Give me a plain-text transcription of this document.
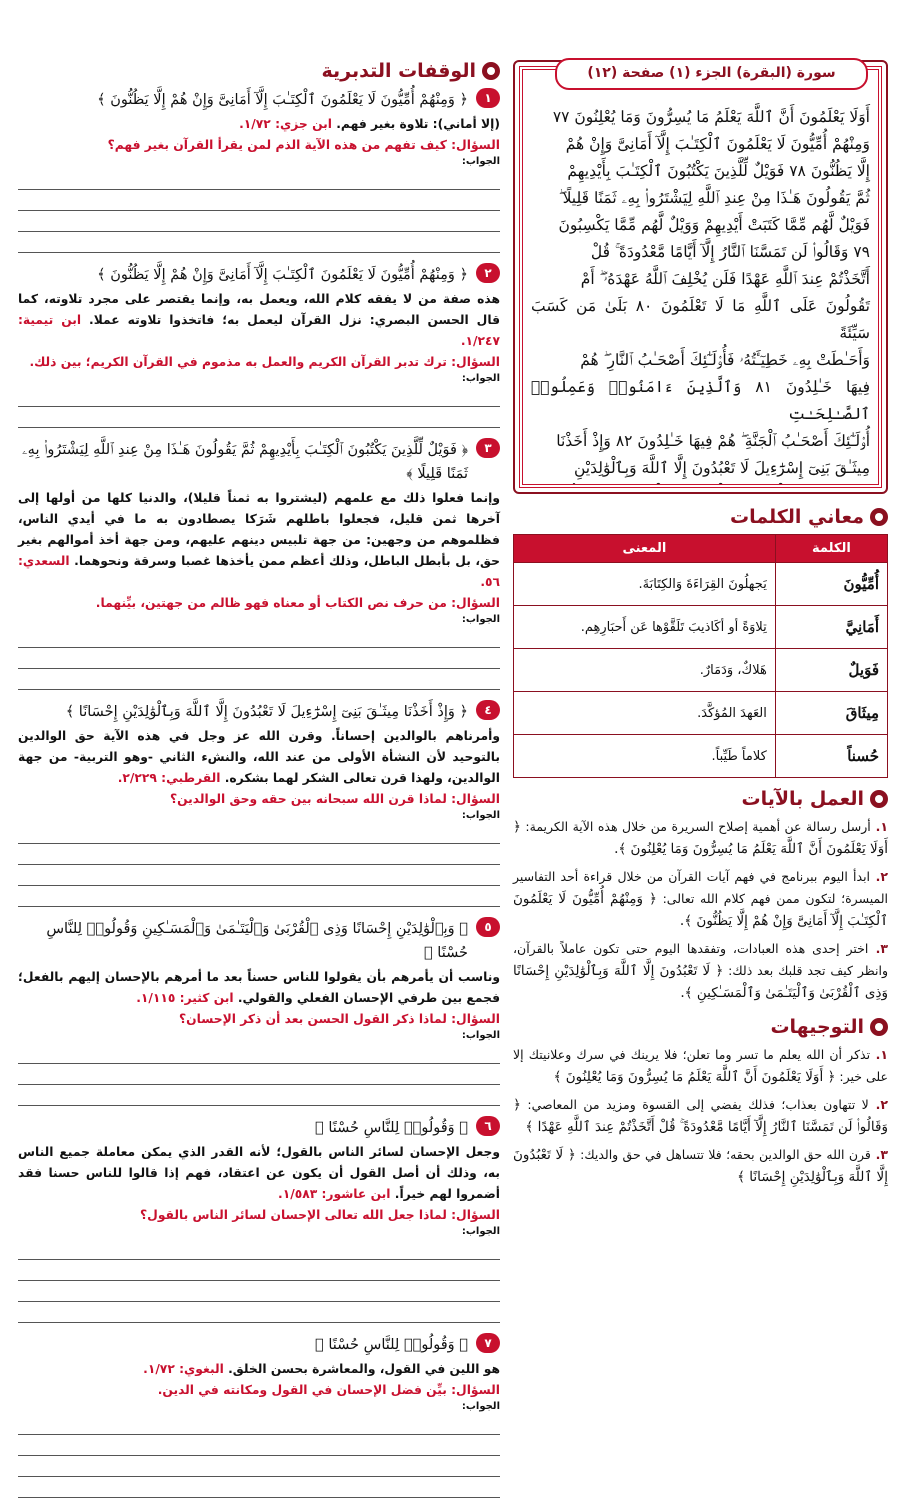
سورة (البقرة) الجزء (١) صفحة (١٢)
أَوَلَا يَعْلَمُونَ أَنَّ ٱللَّهَ يَعْلَمُ مَا يُسِرُّونَ وَمَا يُعْلِنُونَ ٧٧
وَمِنْهُمْ أُمِّيُّونَ لَا يَعْلَمُونَ ٱلْكِتَـٰبَ إِلَّآ أَمَانِىَّ وَإِنْ هُمْ
إِلَّا يَظُنُّونَ ٧٨ فَوَيْلٌ لِّلَّذِينَ يَكْتُبُونَ ٱلْكِتَـٰبَ بِأَيْدِيهِمْ
ثُمَّ يَقُولُونَ هَـٰذَا مِنْ عِندِ ٱللَّهِ لِيَشْتَرُوا۟ بِهِۦ ثَمَنًا قَلِيلًا ۖ
فَوَيْلٌ لَّهُم مِّمَّا كَتَبَتْ أَيْدِيهِمْ وَوَيْلٌ لَّهُم مِّمَّا يَكْسِبُونَ
٧٩ وَقَالُوا۟ لَن تَمَسَّنَا ٱلنَّارُ إِلَّآ أَيَّامًا مَّعْدُودَةً ۚ قُلْ
أَتَّخَذْتُمْ عِندَ ٱللَّهِ عَهْدًا فَلَن يُخْلِفَ ٱللَّهُ عَهْدَهُۥٓ ۖ أَمْ
تَقُولُونَ عَلَى ٱللَّهِ مَا لَا تَعْلَمُونَ ٨٠ بَلَىٰ مَن كَسَبَ سَيِّئَةً
وَأَحَـٰطَتْ بِهِۦ خَطِيٓـَٔتُهُۥ فَأُو۟لَـٰٓئِكَ أَصْحَـٰبُ ٱلنَّارِ ۖ هُمْ
فِيهَا خَـٰلِدُونَ ٨١ وَٱلَّذِينَ ءَامَنُوا۟ وَعَمِلُوا۟ ٱلصَّـٰلِحَـٰتِ
أُو۟لَـٰٓئِكَ أَصْحَـٰبُ ٱلْجَنَّةِ ۖ هُمْ فِيهَا خَـٰلِدُونَ ٨٢ وَإِذْ أَخَذْنَا
مِيثَـٰقَ بَنِىٓ إِسْرَٰٓءِيلَ لَا تَعْبُدُونَ إِلَّا ٱللَّهَ وَبِٱلْوَٰلِدَيْنِ
معاني الكلمات
الكلمة	المعنى
أُمِّيُّونَ	يَجهلُونَ القِرَاءَةَ وَالكِتَابَةَ.
أَمَانِيَّ	تِلاوَةً أو أكَاذيبَ تَلَقَّوْها عَن أَحبَارِهِم.
فَوَيلٌ	هَلاكٌ، وَدَمَارٌ.
مِيثَاقَ	العَهدَ المُؤكَّدَ.
حُسناً	كلاماً طَيِّباً.
العمل بالآيات
١. أرسل رسالة عن أهمية إصلاح السريرة من خلال هذه الآية الكريمة: ﴿ أَوَلَا يَعْلَمُونَ أَنَّ ٱللَّهَ يَعْلَمُ مَا يُسِرُّونَ وَمَا يُعْلِنُونَ ﴾.
٢. ابدأ اليوم ببرنامج في فهم آيات القرآن من خلال قراءة أحد التفاسير الميسرة؛ لتكون ممن فهم كلام الله تعالى: ﴿ وَمِنْهُمْ أُمِّيُّونَ لَا يَعْلَمُونَ ٱلْكِتَـٰبَ إِلَّآ أَمَانِىَّ وَإِنْ هُمْ إِلَّا يَظُنُّونَ ﴾.
٣. اختر إحدى هذه العبادات، وتفقدها اليوم حتى تكون عاملاً بالقرآن، وانظر كيف تجد قلبك بعد ذلك: ﴿ لَا تَعْبُدُونَ إِلَّا ٱللَّهَ وَبِٱلْوَٰلِدَيْنِ إِحْسَانًا وَذِى ٱلْقُرْبَىٰ وَٱلْيَتَـٰمَىٰ وَٱلْمَسَـٰكِينِ ﴾.
التوجيهات
١. تذكر أن الله يعلم ما تسر وما تعلن؛ فلا يرينك في سرك وعلانيتك إلا على خير: ﴿ أَوَلَا يَعْلَمُونَ أَنَّ ٱللَّهَ يَعْلَمُ مَا يُسِرُّونَ وَمَا يُعْلِنُونَ ﴾
٢. لا تتهاون بعذاب؛ فذلك يفضي إلى القسوة ومزيد من المعاصي: ﴿ وَقَالُوا۟ لَن تَمَسَّنَا ٱلنَّارُ إِلَّآ أَيَّامًا مَّعْدُودَةً ۚ قُلْ أَتَّخَذْتُمْ عِندَ ٱللَّهِ عَهْدًا ﴾
٣. قرن الله حق الوالدين بحقه؛ فلا تتساهل في حق والديك: ﴿ لَا تَعْبُدُونَ إِلَّا ٱللَّهَ وَبِٱلْوَٰلِدَيْنِ إِحْسَانًا ﴾
الوقفات التدبرية
١
﴿ وَمِنْهُمْ أُمِّيُّونَ لَا يَعْلَمُونَ ٱلْكِتَـٰبَ إِلَّآ أَمَانِىَّ وَإِنْ هُمْ إِلَّا يَظُنُّونَ ﴾
(إلا أماني): تلاوة بغير فهم. ابن جزي: ١/٧٢.
السؤال: كيف تفهم من هذه الآية الذم لمن يقرأ القرآن بغير فهم؟
الجواب:
٢
﴿ وَمِنْهُمْ أُمِّيُّونَ لَا يَعْلَمُونَ ٱلْكِتَـٰبَ إِلَّآ أَمَانِىَّ وَإِنْ هُمْ إِلَّا يَظُنُّونَ ﴾
هذه صفة من لا يفقه كلام الله، ويعمل به، وإنما يقتصر على مجرد تلاوته، كما قال الحسن البصري: نزل القرآن ليعمل به؛ فاتخذوا تلاوته عملا. ابن تيمية: ١/٢٤٧.
السؤال: ترك تدبر القرآن الكريم والعمل به مذموم في القرآن الكريم؛ بين ذلك.
الجواب:
٣
﴿ فَوَيْلٌ لِّلَّذِينَ يَكْتُبُونَ ٱلْكِتَـٰبَ بِأَيْدِيهِمْ ثُمَّ يَقُولُونَ هَـٰذَا مِنْ عِندِ ٱللَّهِ لِيَشْتَرُوا۟ بِهِۦ ثَمَنًا قَلِيلًا ﴾
وإنما فعلوا ذلك مع علمهم (ليشتروا به ثمناً قليلا)، والدنيا كلها من أولها إلى آخرها ثمن قليل، فجعلوا باطلهم شَرَكا يصطادون به ما في أيدي الناس، فظلموهم من وجهين: من جهة تلبيس دينهم عليهم، ومن جهة أخذ أموالهم بغير حق، بل بأبطل الباطل، وذلك أعظم ممن يأخذها غصبا وسرقة ونحوهما. السعدي: ٥٦.
السؤال: من حرف نص الكتاب أو معناه فهو ظالم من جهتين، بيِّنهما.
الجواب:
٤
﴿ وَإِذْ أَخَذْنَا مِيثَـٰقَ بَنِىٓ إِسْرَٰٓءِيلَ لَا تَعْبُدُونَ إِلَّا ٱللَّهَ وَبِٱلْوَٰلِدَيْنِ إِحْسَانًا ﴾
وأمرناهم بالوالدين إحساناً. وقرن الله عز وجل في هذه الآية حق الوالدين بالتوحيد لأن النشأة الأولى من عند الله، والنشء الثاني -وهو التربية- من جهة الوالدين، ولهذا قرن تعالى الشكر لهما بشكره. القرطبي: ٢/٢٢٩.
السؤال: لماذا قرن الله سبحانه بين حقه وحق الوالدين؟
الجواب:
٥
﴿ وَبِٱلْوَٰلِدَيْنِ إِحْسَانًا وَذِى ٱلْقُرْبَىٰ وَٱلْيَتَـٰمَىٰ وَٱلْمَسَـٰكِينِ وَقُولُوا۟ لِلنَّاسِ حُسْنًا ﴾
وناسب أن يأمرهم بأن يقولوا للناس حسناً بعد ما أمرهم بالإحسان إليهم بالفعل؛ فجمع بين طرفي الإحسان الفعلي والقولي. ابن كثير: ١/١١٥.
السؤال: لماذا ذكر القول الحسن بعد أن ذكر الإحسان؟
الجواب:
٦
﴿ وَقُولُوا۟ لِلنَّاسِ حُسْنًا ﴾
وجعل الإحسان لسائر الناس بالقول؛ لأنه القدر الذي يمكن معاملة جميع الناس به، وذلك أن أصل القول أن يكون عن اعتقاد، فهم إذا قالوا للناس حسنا فقد أضمروا لهم خيراً. ابن عاشور: ١/٥٨٣.
السؤال: لماذا جعل الله تعالى الإحسان لسائر الناس بالقول؟
الجواب:
٧
﴿ وَقُولُوا۟ لِلنَّاسِ حُسْنًا ﴾
هو اللين في القول، والمعاشرة بحسن الخلق. البغوي: ١/٧٢.
السؤال: بيِّن فضل الإحسان في القول ومكانته في الدين.
الجواب:
